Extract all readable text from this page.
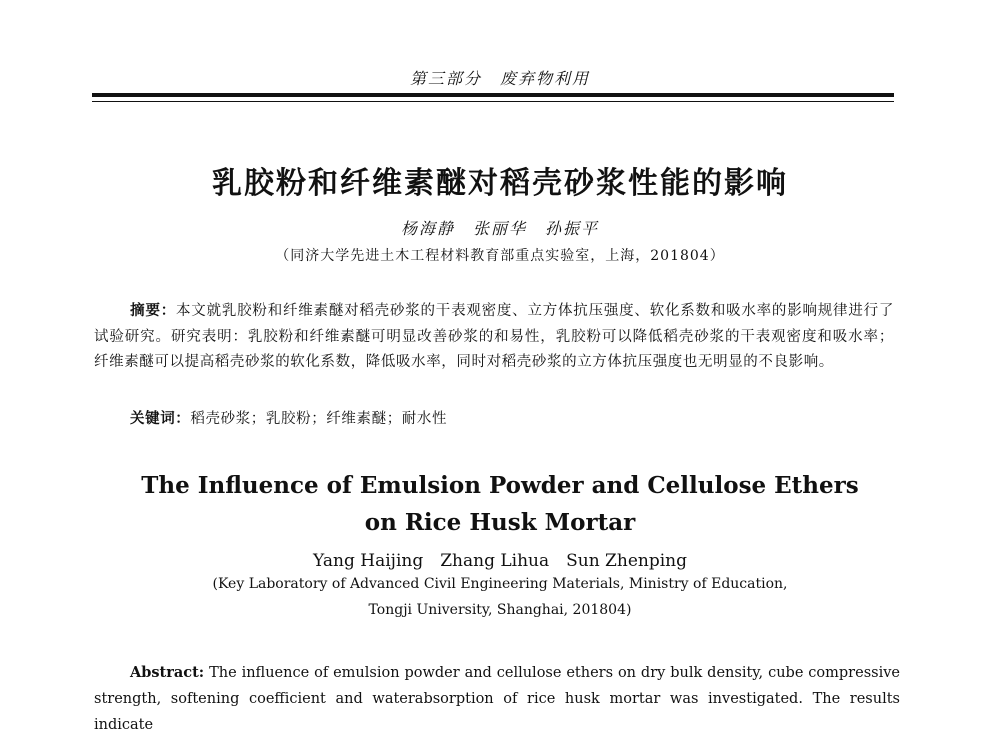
第三部分　废弃物利用
乳胶粉和纤维素醚对稻壳砂浆性能的影响
杨海静　张丽华　孙振平
（同济大学先进土木工程材料教育部重点实验室，上海，201804）
摘要：本文就乳胶粉和纤维素醚对稻壳砂浆的干表观密度、立方体抗压强度、软化系数和吸水率的影响规律进行了试验研究。研究表明：乳胶粉和纤维素醚可明显改善砂浆的和易性，乳胶粉可以降低稻壳砂浆的干表观密度和吸水率；纤维素醚可以提高稻壳砂浆的软化系数，降低吸水率，同时对稻壳砂浆的立方体抗压强度也无明显的不良影响。
关键词：稻壳砂浆；乳胶粉；纤维素醚；耐水性
The Influence of Emulsion Powder and Cellulose Ethers
on Rice Husk Mortar
Yang Haijing　Zhang Lihua　Sun Zhenping
(Key Laboratory of Advanced Civil Engineering Materials, Ministry of Education,
Tongji University, Shanghai, 201804)
Abstract: The influence of emulsion powder and cellulose ethers on dry bulk density, cube compressive strength, softening coefficient and waterabsorption of rice husk mortar was investigated. The results indicate
